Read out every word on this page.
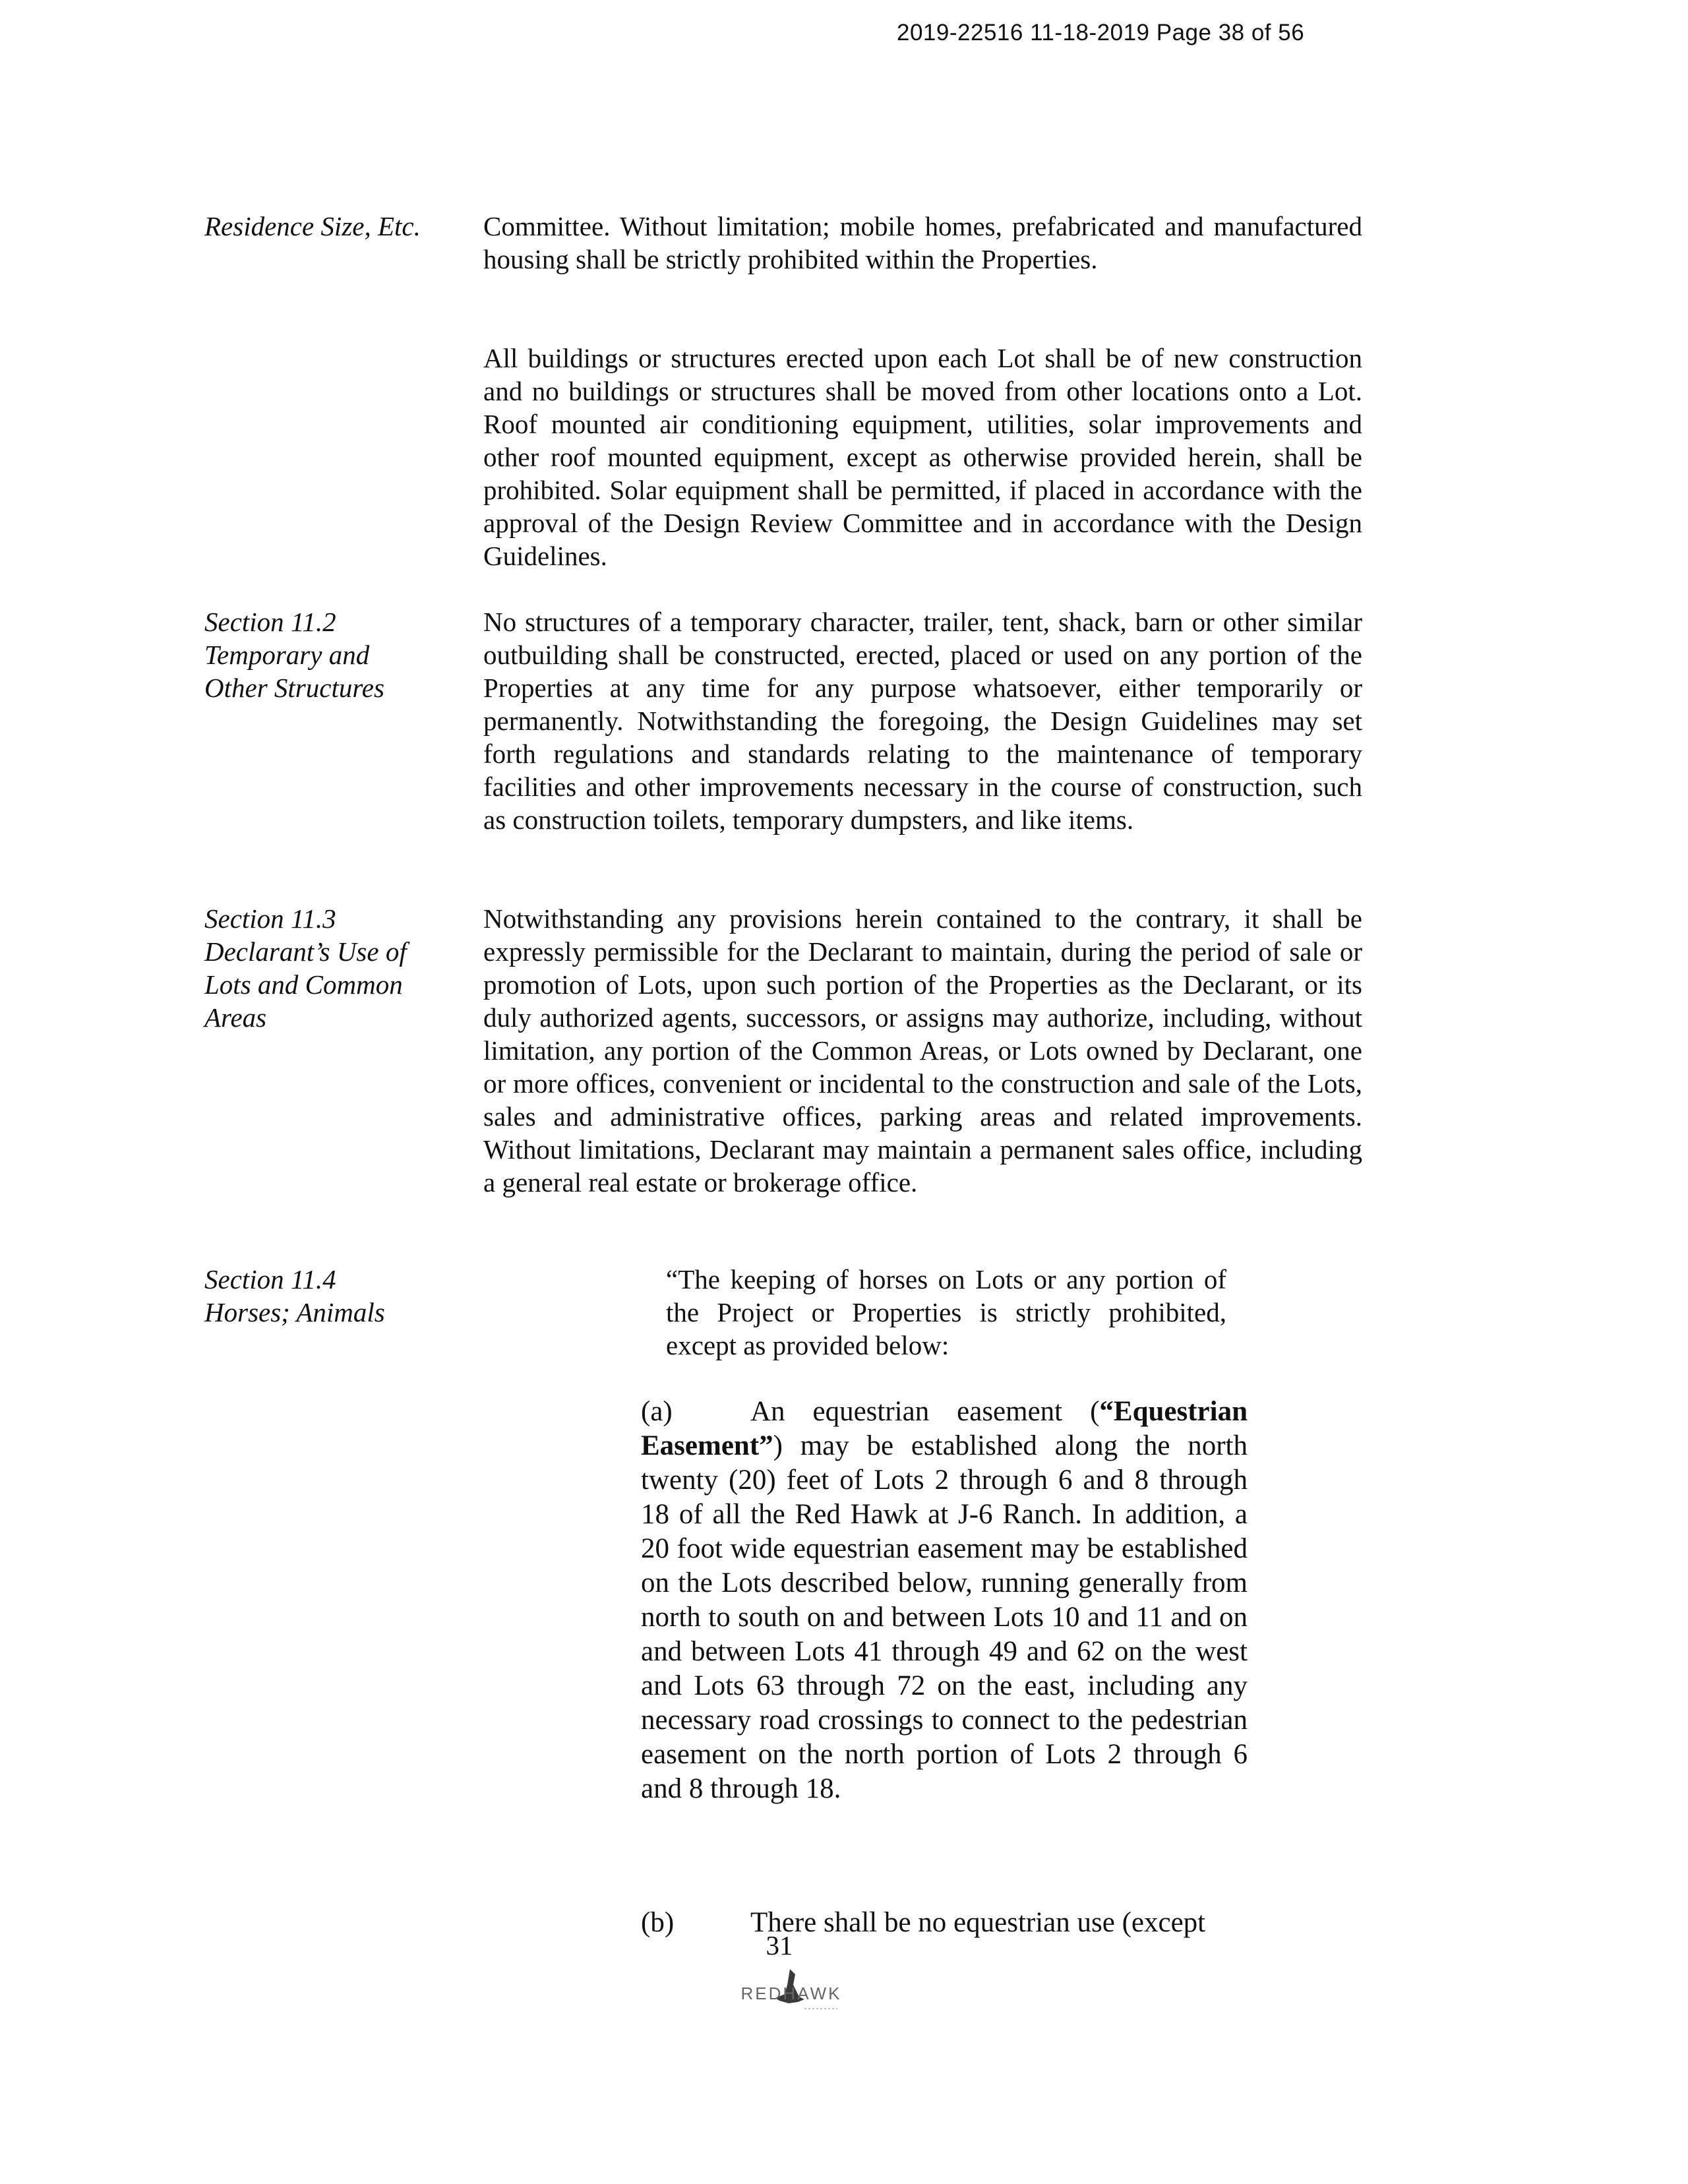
2019-22516 11-18-2019 Page 38 of 56
Residence Size, Etc.	Committee. Without limitation; mobile homes, prefabricated and manufactured housing shall be strictly prohibited within the Properties.

All buildings or structures erected upon each Lot shall be of new construction and no buildings or structures shall be moved from other locations onto a Lot. Roof mounted air conditioning equipment, utilities, solar improvements and other roof mounted equipment, except as otherwise provided herein, shall be prohibited. Solar equipment shall be permitted, if placed in accordance with the approval of the Design Review Committee and in accordance with the Design Guidelines.

Section 11.2
Temporary and
Other Structures

No structures of a temporary character, trailer, tent, shack, barn or other similar outbuilding shall be constructed, erected, placed or used on any portion of the Properties at any time for any purpose whatsoever, either temporarily or permanently. Notwithstanding the foregoing, the Design Guidelines may set forth regulations and standards relating to the maintenance of temporary facilities and other improvements necessary in the course of construction, such as construction toilets, temporary dumpsters, and like items.

Section 11.3
Declarant’s Use of
Lots and Common
Areas

Notwithstanding any provisions herein contained to the contrary, it shall be expressly permissible for the Declarant to maintain, during the period of sale or promotion of Lots, upon such portion of the Properties as the Declarant, or its duly authorized agents, successors, or assigns may authorize, including, without limitation, any portion of the Common Areas, or Lots owned by Declarant, one or more offices, convenient or incidental to the construction and sale of the Lots, sales and administrative offices, parking areas and related improvements. Without limitations, Declarant may maintain a permanent sales office, including a general real estate or brokerage office.

Section 11.4
Horses; Animals

“The keeping of horses on Lots or any portion of the Project or Properties is strictly prohibited, except as provided below:

(a)	An equestrian easement (“Equestrian Easement”) may be established along the north twenty (20) feet of Lots 2 through 6 and 8 through 18 of all the Red Hawk at J-6 Ranch. In addition, a 20 foot wide equestrian easement may be established on the Lots described below, running generally from north to south on and between Lots 10 and 11 and on and between Lots 41 through 49 and 62 on the west and Lots 63 through 72 on the east, including any necessary road crossings to connect to the pedestrian easement on the north portion of Lots 2 through 6 and 8 through 18.

(b)	There shall be no equestrian use (except

31
REDHAWK
